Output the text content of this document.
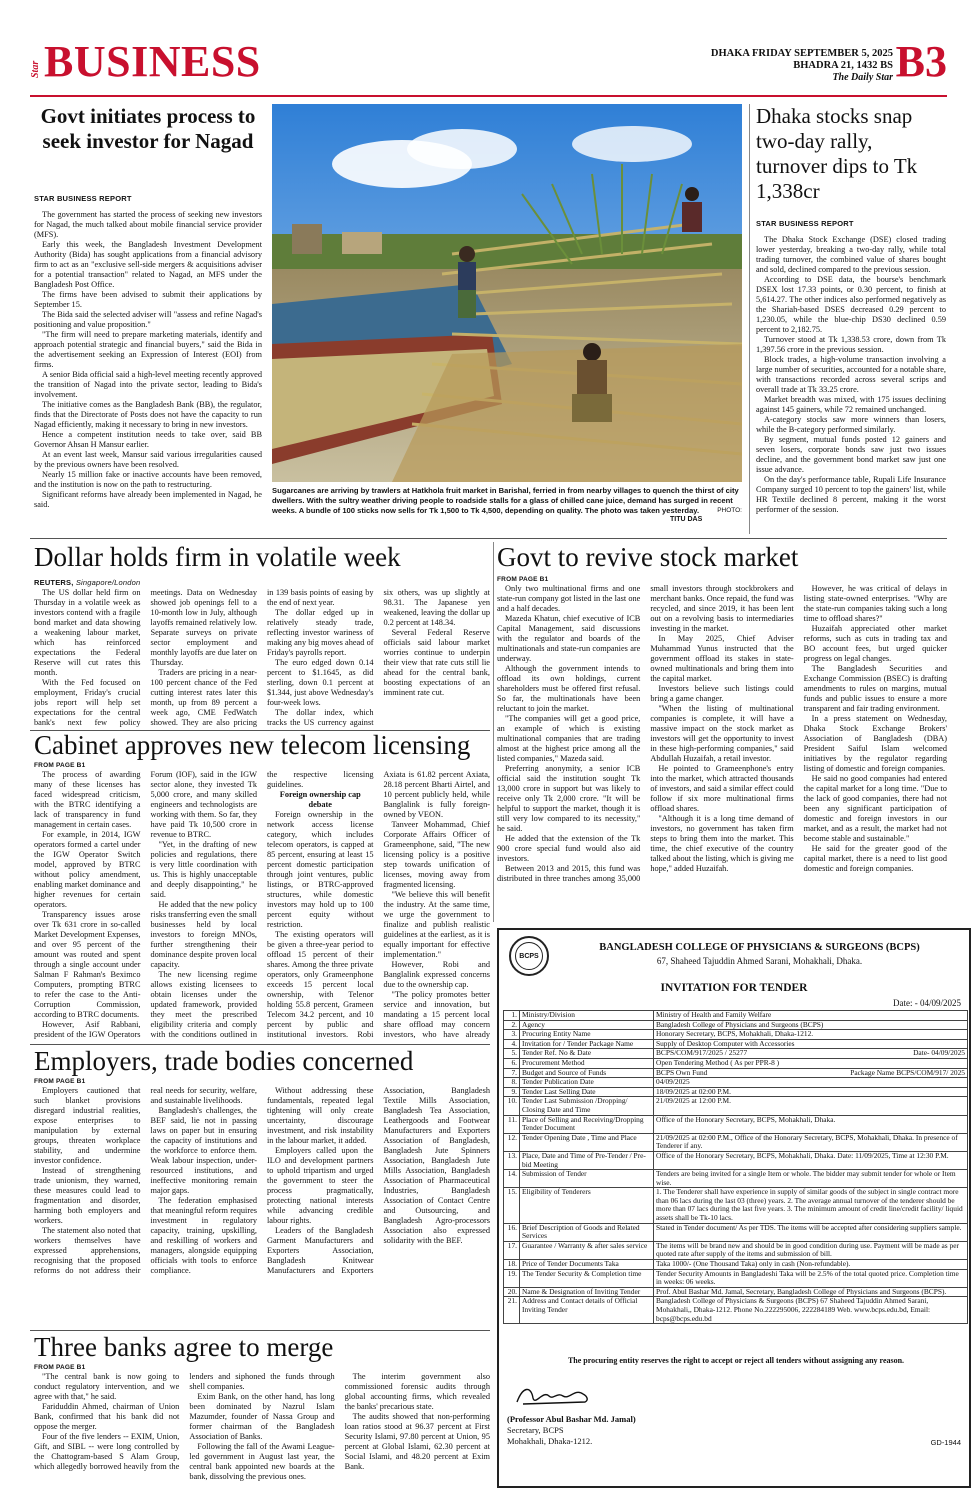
Star BUSINESS	DHAKA FRIDAY SEPTEMBER 5, 2025
BHADRA 21, 1432 BS
The Daily Star B3
Govt initiates process to seek investor for Nagad
STAR BUSINESS REPORT

The government has started the process of seeking new investors for Nagad, the much talked about mobile financial service provider (MFS).

Early this week, the Bangladesh Investment Development Authority (Bida) has sought applications from a financial advisory firm to act as an "exclusive sell-side mergers & acquisitions adviser for a potential transaction" related to Nagad, an MFS under the Bangladesh Post Office.

The firms have been advised to submit their applications by September 15.

The Bida said the selected adviser will "assess and refine Nagad's positioning and value proposition."

"The firm will need to prepare marketing materials, identify and approach potential strategic and financial buyers," said the Bida in the advertisement seeking an Expression of Interest (EOI) from firms.

A senior Bida official said a high-level meeting recently approved the transition of Nagad into the private sector, leading to Bida's involvement.

The initiative comes as the Bangladesh Bank (BB), the regulator, finds that the Directorate of Posts does not have the capacity to run Nagad efficiently, making it necessary to bring in new investors.

Hence a competent institution needs to take over, said BB Governor Ahsan H Mansur earlier.

At an event last week, Mansur said various irregularities caused by the previous owners have been resolved.

Nearly 15 million fake or inactive accounts have been removed, and the institution is now on the path to restructuring.

Significant reforms have already been implemented in Nagad, he said.

Sugarcanes are arriving by trawlers at Hatkhola fruit market in Barishal, ferried in from nearby villages to quench the thirst of city dwellers. With the sultry weather driving people to roadside stalls for a glass of chilled cane juice, demand has surged in recent weeks. A bundle of 100 sticks now sells for Tk 1,500 to Tk 4,500, depending on quality. The photo was taken yesterday.	PHOTO:
TITU DAS
Dhaka stocks snap two-day rally, turnover dips to Tk 1,338cr
STAR BUSINESS REPORT

The Dhaka Stock Exchange (DSE) closed trading lower yesterday, breaking a two-day rally, while total trading turnover, the combined value of shares bought and sold, declined compared to the previous session.

According to DSE data, the bourse's benchmark DSEX lost 17.33 points, or 0.30 percent, to finish at 5,614.27. The other indices also performed negatively as the Shariah-based DSES decreased 0.29 percent to 1,230.05, while the blue-chip DS30 declined 0.59 percent to 2,182.75.

Turnover stood at Tk 1,338.53 crore, down from Tk 1,397.56 crore in the previous session.

Block trades, a high-volume transaction involving a large number of securities, accounted for a notable share, with transactions recorded across several scrips and overall trade at Tk 33.25 crore.

Market breadth was mixed, with 175 issues declining against 145 gainers, while 72 remained unchanged.

A-category stocks saw more winners than losers, while the B-category performed similarly.

By segment, mutual funds posted 12 gainers and seven losers, corporate bonds saw just two issues decline, and the government bond market saw just one issue advance.

On the day's performance table, Rupali Life Insurance Company surged 10 percent to top the gainers' list, while HR Textile declined 8 percent, making it the worst performer of the session.

Dollar holds firm in volatile week
REUTERS, Singapore/London

The US dollar held firm on Thursday in a volatile week as investors contend with a fragile bond market and data showing a weakening labour market, which has reinforced expectations the Federal Reserve will cut rates this month.

With the Fed focused on employment, Friday's crucial jobs report will help set expectations for the central bank's next few policy meetings. Data on Wednesday showed job openings fell to a 10-month low in July, although layoffs remained relatively low. Separate surveys on private sector employment and monthly layoffs are due later on Thursday.

Traders are pricing in a near-100 percent chance of the Fed cutting interest rates later this month, up from 89 percent a week ago, CME FedWatch showed. They are also pricing in 139 basis points of easing by the end of next year.

The dollar edged up in relatively steady trade, reflecting investor wariness of making any big moves ahead of Friday's payrolls report.

The euro edged down 0.14 percent to $1.1645, as did sterling, down 0.1 percent at $1.344, just above Wednesday's four-week lows.

The dollar index, which tracks the US currency against six others, was up slightly at 98.31. The Japanese yen weakened, leaving the dollar up 0.2 percent at 148.34.

Several Federal Reserve officials said labour market worries continue to underpin their view that rate cuts still lie ahead for the central bank, boosting expectations of an imminent rate cut.

Govt to revive stock market
FROM PAGE B1

Only two multinational firms and one state-run company got listed in the last one and a half decades.

Mazeda Khatun, chief executive of ICB Capital Management, said discussions with the regulator and boards of the multinationals and state-run companies are underway.

Although the government intends to offload its own holdings, current shareholders must be offered first refusal. So far, the multinationals have been reluctant to join the market.

"The companies will get a good price, an example of which is existing multinational companies that are trading almost at the highest price among all the listed companies," Mazeda said.

Preferring anonymity, a senior ICB official said the institution sought Tk 13,000 crore in support but was likely to receive only Tk 2,000 crore. "It will be helpful to support the market, though it is still very low compared to its necessity," he said.

He added that the extension of the Tk 900 crore special fund would also aid investors.

Between 2013 and 2015, this fund was distributed in three tranches among 35,000 small investors through stockbrokers and merchant banks. Once repaid, the fund was recycled, and since 2019, it has been lent out on a revolving basis to intermediaries investing in the market.

In May 2025, Chief Adviser Muhammad Yunus instructed that the government offload its stakes in state-owned multinationals and bring them into the capital market.

Investors believe such listings could bring a game changer.

"When the listing of multinational companies is complete, it will have a massive impact on the stock market as investors will get the opportunity to invest in these high-performing companies," said Abdullah Huzaifah, a retail investor.

He pointed to Grameenphone's entry into the market, which attracted thousands of investors, and said a similar effect could follow if six more multinational firms offload shares.

"Although it is a long time demand of investors, no government has taken firm steps to bring them into the market. This time, the chief executive of the country talked about the listing, which is giving me hope," added Huzaifah.

However, he was critical of delays in listing state-owned enterprises. "Why are the state-run companies taking such a long time to offload shares?"

Huzaifah appreciated other market reforms, such as cuts in trading tax and BO account fees, but urged quicker progress on legal changes.

The Bangladesh Securities and Exchange Commission (BSEC) is drafting amendments to rules on margins, mutual funds and public issues to ensure a more transparent and fair trading environment.

In a press statement on Wednesday, Dhaka Stock Exchange Brokers' Association of Bangladesh (DBA) President Saiful Islam welcomed initiatives by the regulator regarding listing of domestic and foreign companies.

He said no good companies had entered the capital market for a long time. "Due to the lack of good companies, there had not been any significant participation of domestic and foreign investors in our market, and as a result, the market had not become stable and sustainable."

He said for the greater good of the capital market, there is a need to list good domestic and foreign companies.

Cabinet approves new telecom licensing
FROM PAGE B1

The process of awarding many of these licenses has faced widespread criticism, with the BTRC identifying a lack of transparency in fund management in certain cases.

For example, in 2014, IGW operators formed a cartel under the IGW Operator Switch model, approved by BTRC without policy amendment, enabling market dominance and higher revenues for certain operators.

Transparency issues arose over Tk 631 crore in so-called Market Development Expenses, and over 95 percent of the amount was routed and spent through a single account under Salman F Rahman's Beximco Computers, prompting BTRC to refer the case to the Anti-Corruption Commission, according to BTRC documents.

However, Asif Rabbani, president of the IGW Operators Forum (IOF), said in the IGW sector alone, they invested Tk 5,000 crore, and many skilled engineers and technologists are working with them. So far, they have paid Tk 10,500 crore in revenue to BTRC.

"Yet, in the drafting of new policies and regulations, there is very little coordination with us. This is highly unacceptable and deeply disappointing," he said.

He added that the new policy risks transferring even the small businesses held by local investors to foreign MNOs, further strengthening their dominance despite proven local capacity.

The new licensing regime allows existing licensees to obtain licenses under the updated framework, provided they meet the prescribed eligibility criteria and comply with the conditions outlined in the respective licensing guidelines.

Foreign ownership cap debate

Foreign ownership in the network access license category, which includes telecom operators, is capped at 85 percent, ensuring at least 15 percent domestic participation through joint ventures, public listings, or BTRC-approved structures, while domestic investors may hold up to 100 percent equity without restriction.

The existing operators will be given a three-year period to offload 15 percent of their shares. Among the three private operators, only Grameenphone exceeds 15 percent local ownership, with Telenor holding 55.8 percent, Grameen Telecom 34.2 percent, and 10 percent by public and institutional investors. Robi Axiata is 61.82 percent Axiata, 28.18 percent Bharti Airtel, and 10 percent publicly held, while Banglalink is fully foreign-owned by VEON.

Tanveer Mohammad, Chief Corporate Affairs Officer of Grameenphone, said, "The new licensing policy is a positive step towards unification of licenses, moving away from fragmented licensing.

"We believe this will benefit the industry. At the same time, we urge the government to finalize and publish realistic guidelines at the earliest, as it is equally important for effective implementation."

However, Robi and Banglalink expressed concerns due to the ownership cap.

"The policy promotes better service and innovation, but mandating a 15 percent local share offload may concern investors, who have already

Employers, trade bodies concerned
FROM PAGE B1

Employers cautioned that such blanket provisions disregard industrial realities, expose enterprises to manipulation by external groups, threaten workplace stability, and undermine investor confidence.

Instead of strengthening trade unionism, they warned, these measures could lead to fragmentation and disorder, harming both employers and workers.

The statement also noted that workers themselves have expressed apprehensions, recognising that the proposed reforms do not address their real needs for security, welfare, and sustainable livelihoods.

Bangladesh's challenges, the BEF said, lie not in passing laws on paper but in ensuring the capacity of institutions and the workforce to enforce them. Weak labour inspection, under-resourced institutions, and ineffective monitoring remain major gaps.

The federation emphasised that meaningful reform requires investment in regulatory capacity, training, upskilling, and reskilling of workers and managers, alongside equipping officials with tools to enforce compliance.

Without addressing these fundamentals, repeated legal tightening will only create uncertainty, discourage investment, and risk instability in the labour market, it added.

Employers called upon the ILO and development partners to uphold tripartism and urged the government to steer the process pragmatically, protecting national interests while advancing credible labour rights.

Leaders of the Bangladesh Garment Manufacturers and Exporters Association, Bangladesh Knitwear Manufacturers and Exporters Association, Bangladesh Textile Mills Association, Bangladesh Tea Association, Leathergoods and Footwear Manufacturers and Exporters Association of Bangladesh, Bangladesh Jute Spinners Association, Bangladesh Jute Mills Association, Bangladesh Association of Pharmaceutical Industries, Bangladesh Association of Contact Centre and Outsourcing, and Bangladesh Agro-processors Association also expressed solidarity with the BEF.

Three banks agree to merge
FROM PAGE B1

"The central bank is now going to conduct regulatory intervention, and we agree with that," he said.

Fariduddin Ahmed, chairman of Union Bank, confirmed that his bank did not oppose the merger.

Four of the five lenders -- EXIM, Union, Gift, and SIBL -- were long controlled by the Chattogram-based S Alam Group, which allegedly borrowed heavily from the lenders and siphoned the funds through shell companies.

Exim Bank, on the other hand, has long been dominated by Nazrul Islam Mazumder, founder of Nassa Group and former chairman of the Bangladesh Association of Banks.

Following the fall of the Awami League-led government in August last year, the central bank appointed new boards at the bank, dissolving the previous ones.

The interim government also commissioned forensic audits through global accounting firms, which revealed the banks' precarious state.

The audits showed that non-performing loan ratios stood at 96.37 percent at First Security Islami, 97.80 percent at Union, 95 percent at Global Islami, 62.30 percent at Social Islami, and 48.20 percent at Exim Bank.

BCPS
BANGLADESH COLLEGE OF PHYSICIANS & SURGEONS (BCPS)
67, Shaheed Tajuddin Ahmed Sarani, Mohakhali, Dhaka.
INVITATION FOR TENDER
Date: - 04/09/2025
1.	Ministry/Division	Ministry of Health and Family Welfare
2.	Agency	Bangladesh College of Physicians and Surgeons (BCPS)
3.	Procuring Entity Name	Honorary Secretary, BCPS, Mohakhali, Dhaka-1212.
4.	Invitation for / Tender Package Name	Supply of Desktop Computer with Accessories
5.	Tender Ref. No & Date	BCPS/COM/917/2025 / 25277 Date- 04/09/2025

6.	Procurement Method	Open Tendering Method ( As per PPR-8 )
7.	Budget and Source of Funds	BCPS Own Fund Package Name BCPS/COM/917/ 2025

8.	Tender Publication Date	04/09/2025
9.	Tender Last Selling Date	18/09/2025 at 02:00 P.M.
10.	Tender Last Submission /Dropping/ Closing Date and Time	21/09/2025 at 12:00 P.M.
11.	Place of Selling and Receiving/Dropping Tender Document	Office of the Honorary Secretary, BCPS, Mohakhali, Dhaka.
12.	Tender Opening Date , Time and Place	21/09/2025 at 02:00 P.M., Office of the Honorary Secretary, BCPS, Mohakhali, Dhaka. In presence of Tenderer if any.
13.	Place, Date and Time of Pre-Tender / Pre- bid Meeting	Office of the Honorary Secretary, BCPS, Mohakhali, Dhaka. Date: 11/09/2025, Time at 12:30 P.M.
14.	Submission of Tender	Tenders are being invited for a single Item or whole. The bidder may submit tender for whole or Item wise.
15.	Eligibility of Tenderers	1. The Tenderer shall have experience in supply of similar goods of the subject in single contract more than 06 lacs during the last 03 (three) years. 2. The average annual turnover of the tenderer should be more than 07 lacs during the last five years. 3. The minimum amount of credit line/credit facility/ liquid assets shall be Tk-10 lacs.
16.	Brief Description of Goods and Related Services	Stated in Tender document/ As per TDS. The items will be accepted after considering suppliers sample.
17.	Guarantee / Warranty & after sales service	The items will be brand new and should be in good condition during use. Payment will be made as per quoted rate after supply of the items and submission of bill.
18.	Price of Tender Documents Taka	Taka 1000/- (One Thousand Taka) only in cash (Non-refundable).
19.	The Tender Security & Completion time	Tender Security Amounts in Bangladeshi Taka will be 2.5% of the total quoted price. Completion time in weeks: 06 weeks.
20.	Name & Designation of Inviting Tender	Prof. Abul Bashar Md. Jamal, Secretary, Bangladesh College of Physicians and Surgeons (BCPS).
21.	Address and Contact details of Official Inviting Tender	Bangladesh College of Physicians & Surgeons (BCPS) 67 Shaheed Tajuddin Ahmed Sarani, Mohakhali,, Dhaka-1212. Phone No.222295006, 222284189 Web. www.bcps.edu.bd, Email: bcps@bcps.edu.bd
The procuring entity reserves the right to accept or reject all tenders without assigning any reason.
(Professor Abul Bashar Md. Jamal)
Secretary, BCPS
Mohakhali, Dhaka-1212.	GD-1944
